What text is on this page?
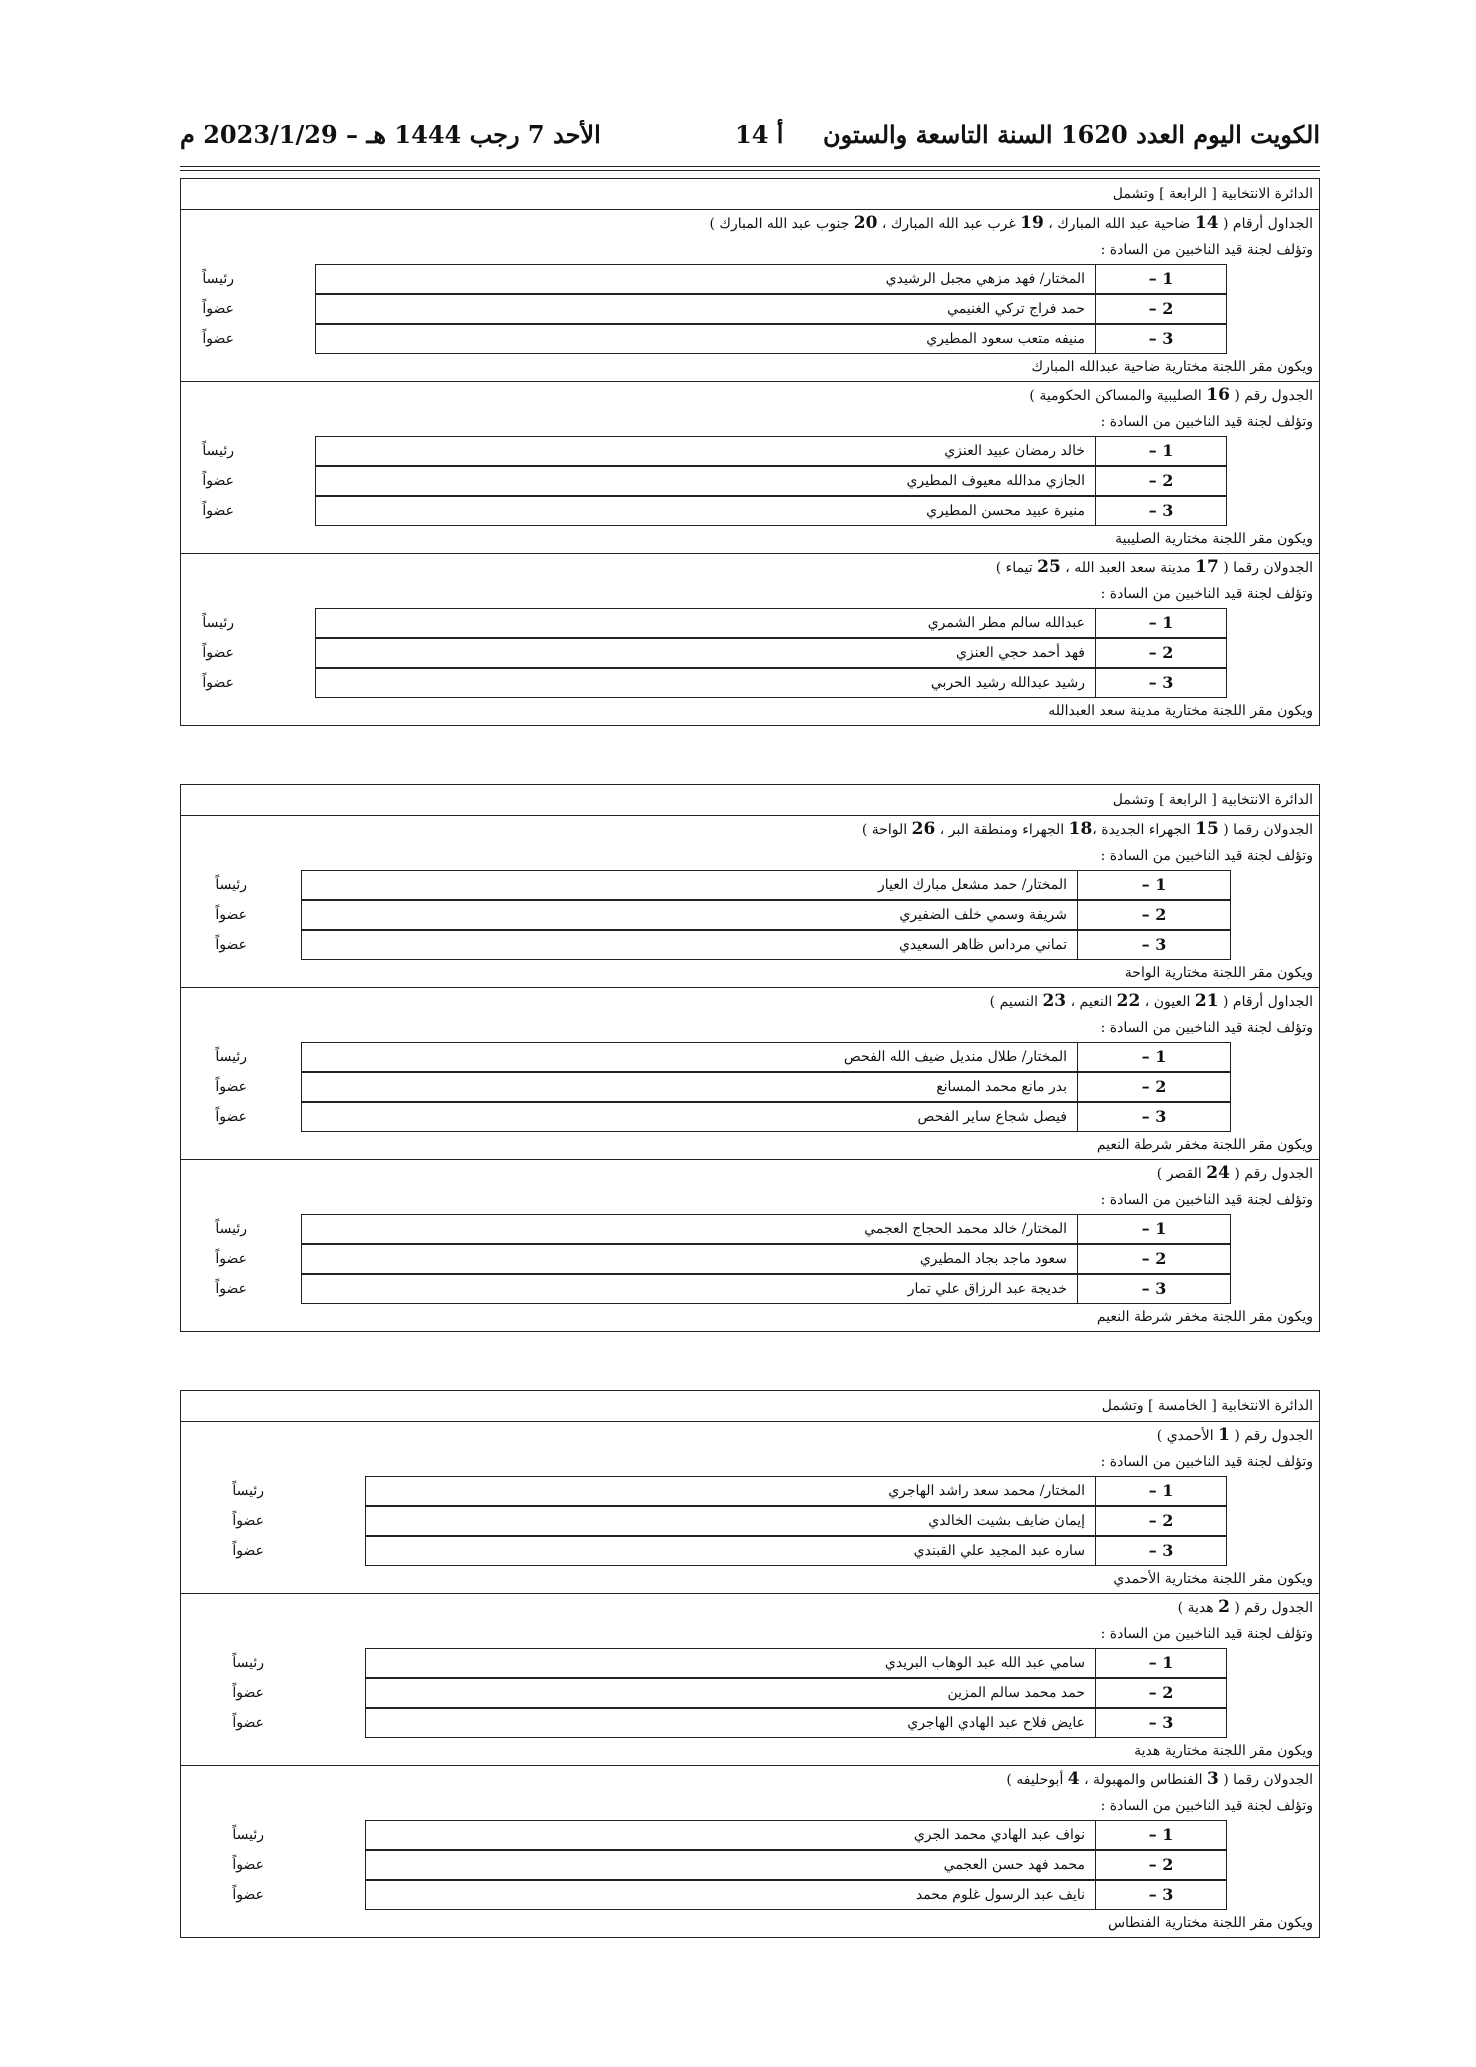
الكويت اليوم العدد 1620 السنة التاسعة والستون
أ 14
الأحد 7 رجب 1444 هـ – 2023/1/29 م
الدائرة الانتخابية [ الرابعة ] وتشمل
الجداول أرقام ( 14 ضاحية عبد الله المبارك ، 19 غرب عبد الله المبارك ، 20 جنوب عبد الله المبارك )
وتؤلف لجنة قيد الناخبين من السادة :
1 –
المختار/ فهد مزهي مجبل الرشيدي
رئيساً
2 –
حمد فراج تركي الغنيمي
عضواً
3 –
منيفه متعب سعود المطيري
عضواً
ويكون مقر اللجنة مختارية ضاحية عبدالله المبارك
الجدول رقم ( 16 الصليبية والمساكن الحكومية )
وتؤلف لجنة قيد الناخبين من السادة :
1 –
خالد رمضان عبيد العنزي
رئيساً
2 –
الجازي مدالله معيوف المطيري
عضواً
3 –
منيرة عبيد محسن المطيري
عضواً
ويكون مقر اللجنة مختارية الصليبية
الجدولان رقما ( 17 مدينة سعد العبد الله ، 25 تيماء )
وتؤلف لجنة قيد الناخبين من السادة :
1 –
عبدالله سالم مطر الشمري
رئيساً
2 –
فهد أحمد حجي العنزي
عضواً
3 –
رشيد عبدالله رشيد الحربي
عضواً
ويكون مقر اللجنة مختارية مدينة سعد العبدالله
الدائرة الانتخابية [ الرابعة ] وتشمل
الجدولان رقما ( 15 الجهراء الجديدة ،18 الجهراء ومنطقة البر ، 26 الواحة )
وتؤلف لجنة قيد الناخبين من السادة :
1 –
المختار/ حمد مشعل مبارك العيار
رئيساً
2 –
شريفة وسمي خلف الضفيري
عضواً
3 –
تماني مرداس ظاهر السعيدي
عضواً
ويكون مقر اللجنة مختارية الواحة
الجداول أرقام ( 21 العيون ، 22 النعيم ، 23 النسيم )
وتؤلف لجنة قيد الناخبين من السادة :
1 –
المختار/ طلال منديل ضيف الله الفحص
رئيساً
2 –
بدر مانع محمد المسانع
عضواً
3 –
فيصل شجاع ساير الفحص
عضواً
ويكون مقر اللجنة مخفر شرطة النعيم
الجدول رقم ( 24 القصر )
وتؤلف لجنة قيد الناخبين من السادة :
1 –
المختار/ خالد محمد الحجاج العجمي
رئيساً
2 –
سعود ماجد بجاد المطيري
عضواً
3 –
خديجة عبد الرزاق علي تمار
عضواً
ويكون مقر اللجنة مخفر شرطة النعيم
الدائرة الانتخابية [ الخامسة ] وتشمل
الجدول رقم ( 1 الأحمدي )
وتؤلف لجنة قيد الناخبين من السادة :
1 –
المختار/ محمد سعد راشد الهاجري
رئيساً
2 –
إيمان ضايف بشيت الخالدي
عضواً
3 –
ساره عبد المجيد علي القبندي
عضواً
ويكون مقر اللجنة مختارية الأحمدي
الجدول رقم ( 2 هدية )
وتؤلف لجنة قيد الناخبين من السادة :
1 –
سامي عبد الله عبد الوهاب البريدي
رئيساً
2 –
حمد محمد سالم المزين
عضواً
3 –
عايض فلاح عبد الهادي الهاجري
عضواً
ويكون مقر اللجنة مختارية هدية
الجدولان رقما ( 3 الفنطاس والمهبولة ، 4 أبوحليفه )
وتؤلف لجنة قيد الناخبين من السادة :
1 –
نواف عبد الهادي محمد الجري
رئيساً
2 –
محمد فهد حسن العجمي
عضواً
3 –
نايف عبد الرسول غلوم محمد
عضواً
ويكون مقر اللجنة مختارية الفنطاس
